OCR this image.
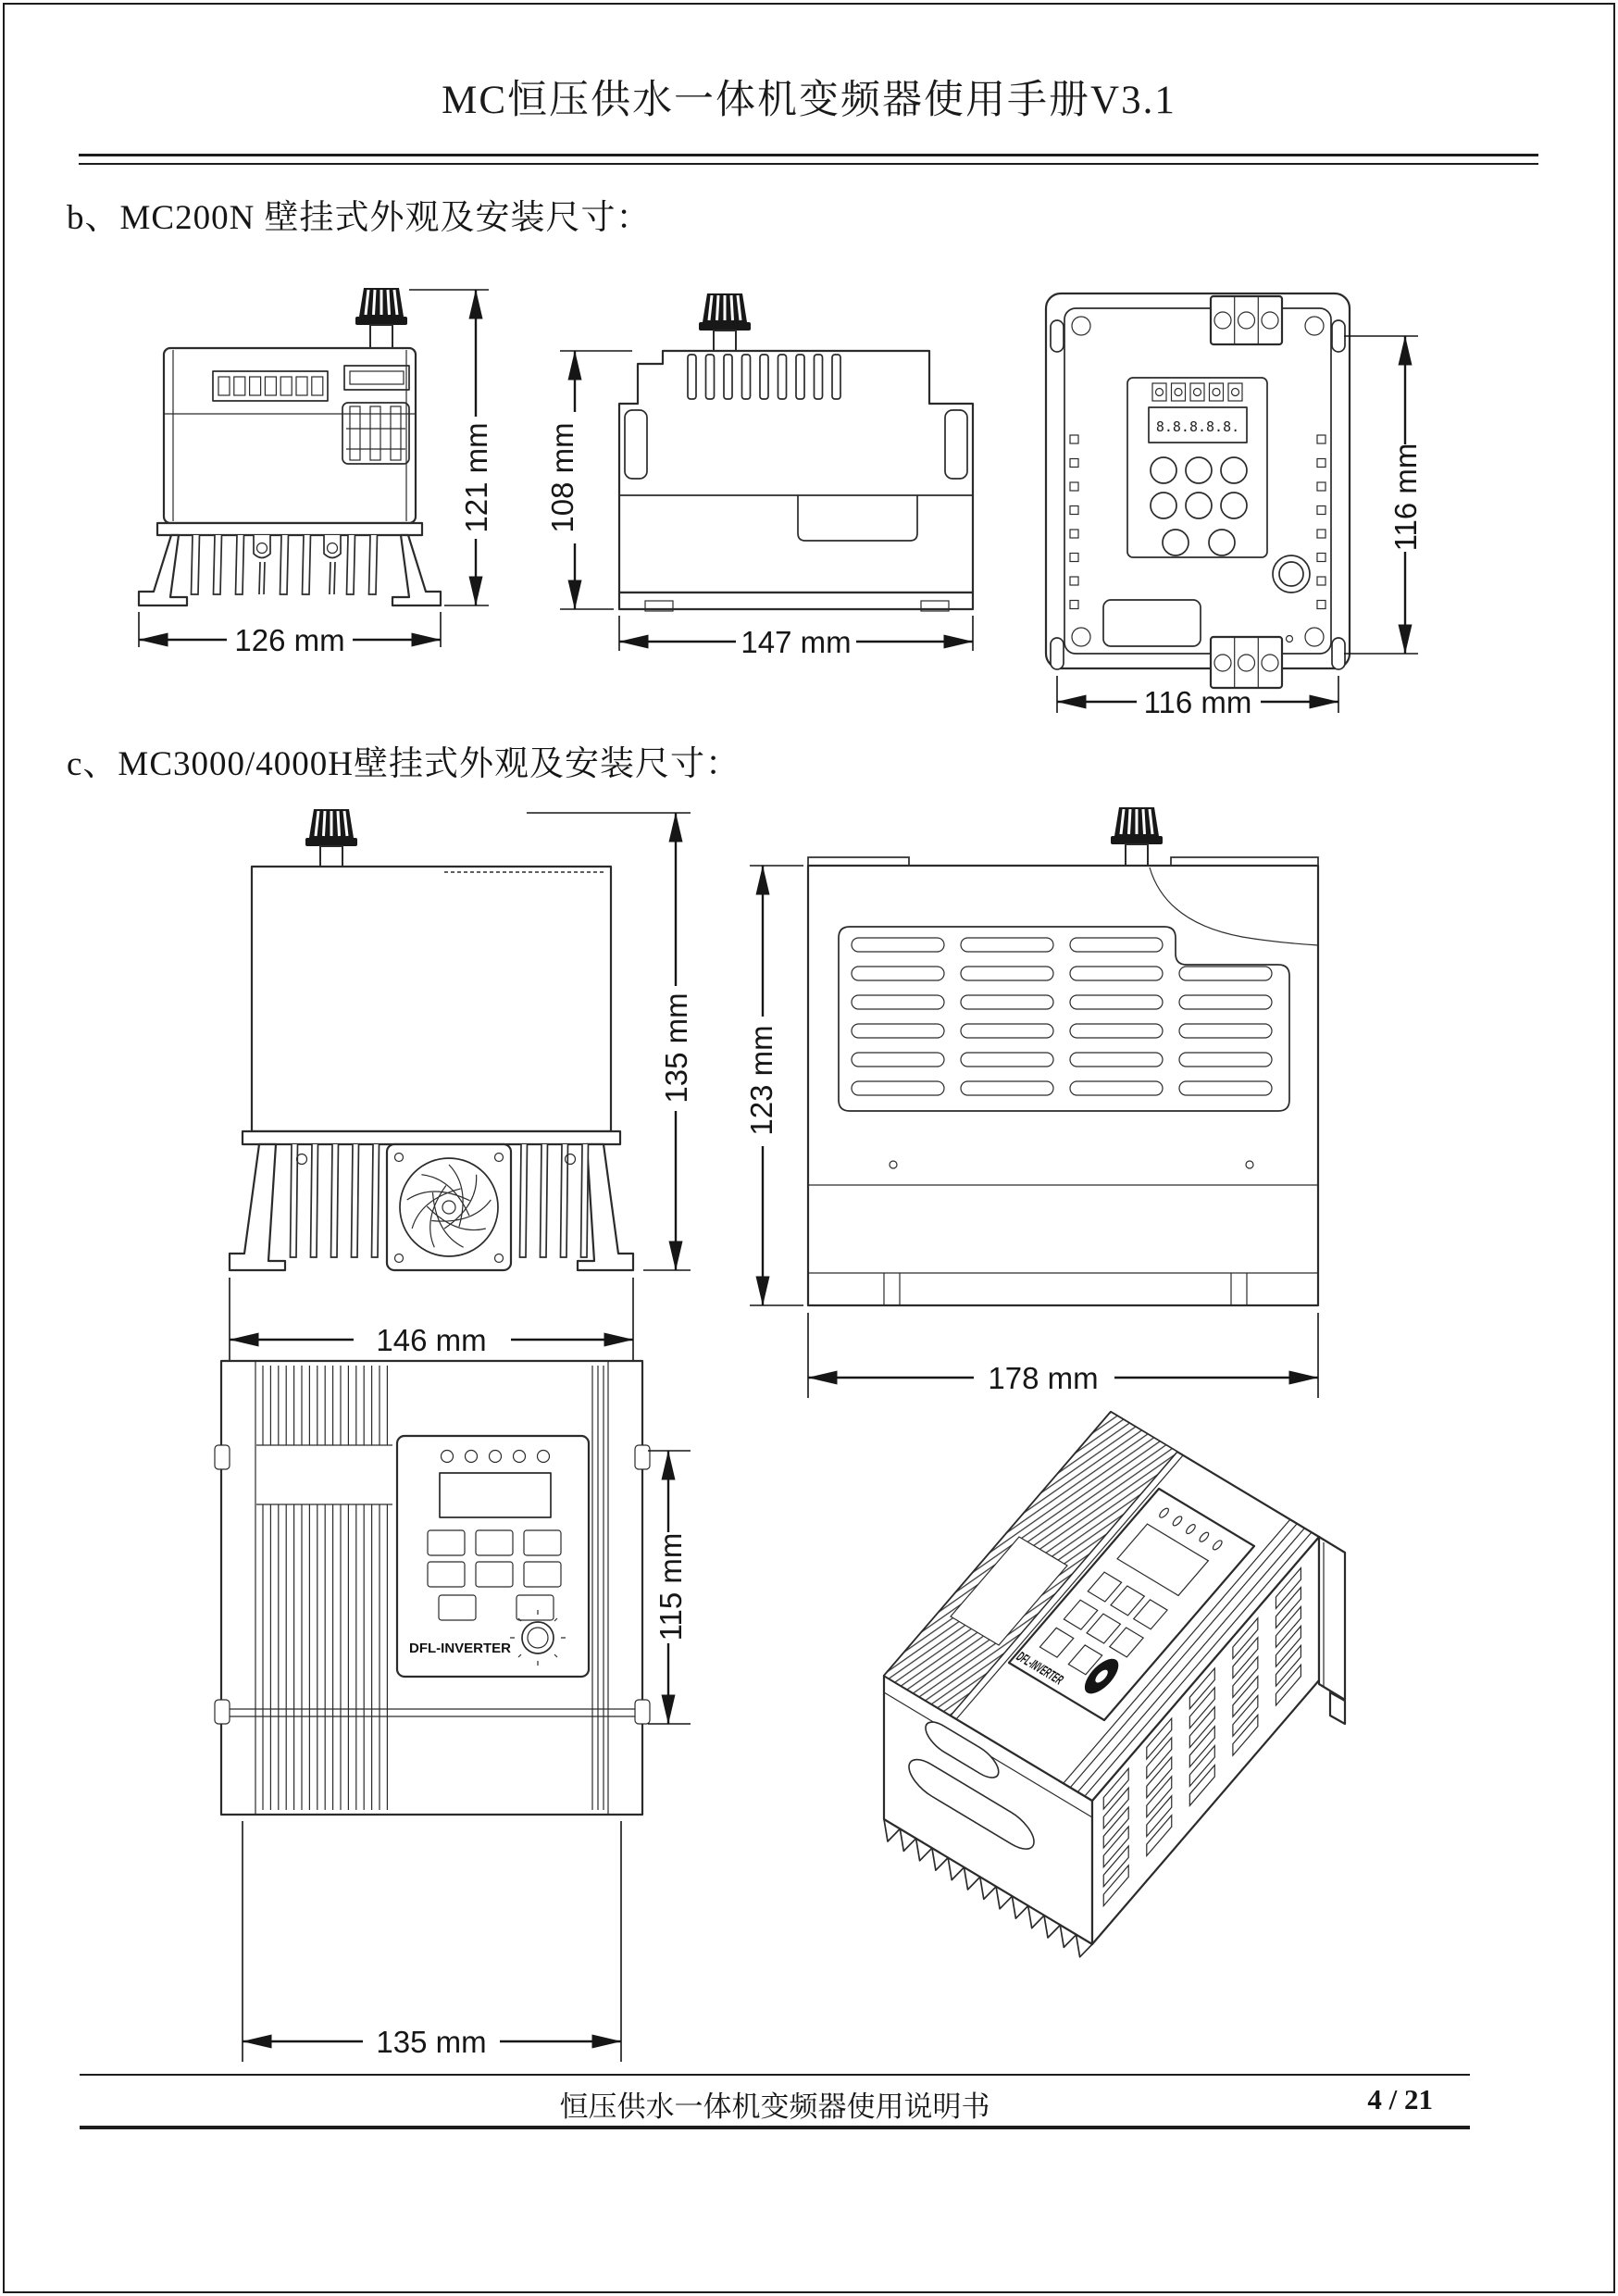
MC恒压供水一体机变频器使用手册V3.1
b、MC200N 壁挂式外观及安装尺寸：
121 mm
126 mm
108 mm
147 mm
8.8.8.8.8.
116 mm
116 mm
c、MC3000/4000H壁挂式外观及安装尺寸：
135 mm
146 mm
123 mm
178 mm
DFL-INVERTER
115 mm
135 mm
恒压供水一体机变频器使用说明书	4 / 21
